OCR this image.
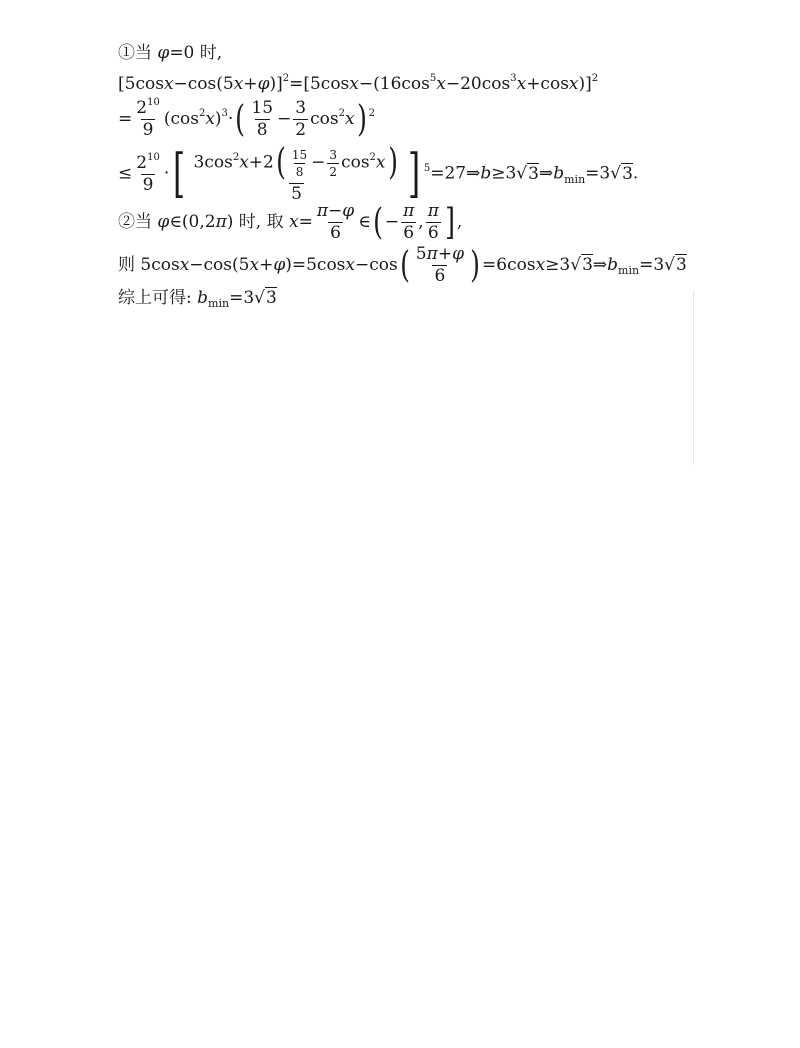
①当 φ=0 时,
$[5\cos x-\cos(5x+\varphi)]^2=[5\cos x-(16\cos^5x-20\cos^3x+\cos x)]^2$
= $\frac{2^{10}}{9} (\cos^2x)^3\cdot( \frac{15}{8} - \frac{3}{2} \cos^2x)$ $^2$
≤ $\frac{2^{10}}{9}$ ·[ $\frac{3\cos^2x+2( \frac{15}{8} - \frac{3}{2} \cos^2x)}{5}$ ] $^5=27\Rightarrow b\ge 3√3\Rightarrow b_{min}=3√3$.
②当 φ∈(0,2π) 时, 取 $x= \frac{\pi-\varphi}{6}$ ∈( − $\frac{\pi}{6}$ , $\frac{\pi}{6}$ ] ,
则 $5\cos x-\cos(5x+\varphi)=5\cos x-\cos( \frac{5\pi+\varphi}{6}$ ) $=6\cos x\ge 3√3\Rightarrow b_{min}=3√3$
综上可得: $b_{min}=3√3$
